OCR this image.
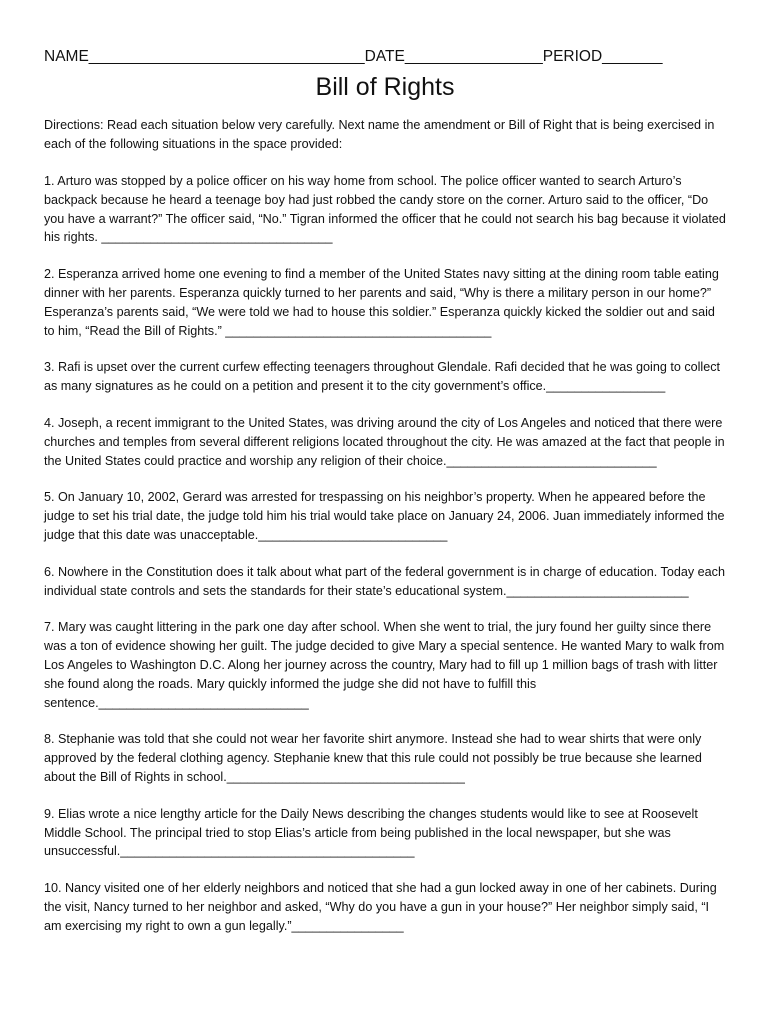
NAME________________________________DATE________________PERIOD_______
Bill of Rights
Directions: Read each situation below very carefully. Next name the amendment or Bill of Right that is being exercised in each of the following situations in the space provided:
1. Arturo was stopped by a police officer on his way home from school. The police officer wanted to search Arturo’s backpack because he heard a teenage boy had just robbed the candy store on the corner. Arturo said to the officer, “Do you have a warrant?” The officer said, “No.” Tigran informed the officer that he could not search his bag because it violated his rights. _________________________________
2. Esperanza arrived home one evening to find a member of the United States navy sitting at the dining room table eating dinner with her parents. Esperanza quickly turned to her parents and said, “Why is there a military person in our home?” Esperanza’s parents said, “We were told we had to house this soldier.” Esperanza quickly kicked the soldier out and said to him, “Read the Bill of Rights.” ______________________________________
3. Rafi is upset over the current curfew effecting teenagers throughout Glendale. Rafi decided that he was going to collect as many signatures as he could on a petition and present it to the city government’s office._________________
4. Joseph, a recent immigrant to the United States, was driving around the city of Los Angeles and noticed that there were churches and temples from several different religions located throughout the city. He was amazed at the fact that people in the United States could practice and worship any religion of their choice.______________________________
5. On January 10, 2002, Gerard was arrested for trespassing on his neighbor’s property. When he appeared before the judge to set his trial date, the judge told him his trial would take place on January 24, 2006. Juan immediately informed the judge that this date was unacceptable.___________________________
6. Nowhere in the Constitution does it talk about what part of the federal government is in charge of education. Today each individual state controls and sets the standards for their state’s educational system.__________________________
7. Mary was caught littering in the park one day after school. When she went to trial, the jury found her guilty since there was a ton of evidence showing her guilt. The judge decided to give Mary a special sentence. He wanted Mary to walk from Los Angeles to Washington D.C. Along her journey across the country, Mary had to fill up 1 million bags of trash with litter she found along the roads. Mary quickly informed the judge she did not have to fulfill this sentence.______________________________
8. Stephanie was told that she could not wear her favorite shirt anymore. Instead she had to wear shirts that were only approved by the federal clothing agency. Stephanie knew that this rule could not possibly be true because she learned about the Bill of Rights in school.__________________________________
9. Elias wrote a nice lengthy article for the Daily News describing the changes students would like to see at Roosevelt Middle School. The principal tried to stop Elias’s article from being published in the local newspaper, but she was unsuccessful.__________________________________________
10. Nancy visited one of her elderly neighbors and noticed that she had a gun locked away in one of her cabinets. During the visit, Nancy turned to her neighbor and asked, “Why do you have a gun in your house?” Her neighbor simply said, “I am exercising my right to own a gun legally.”________________
